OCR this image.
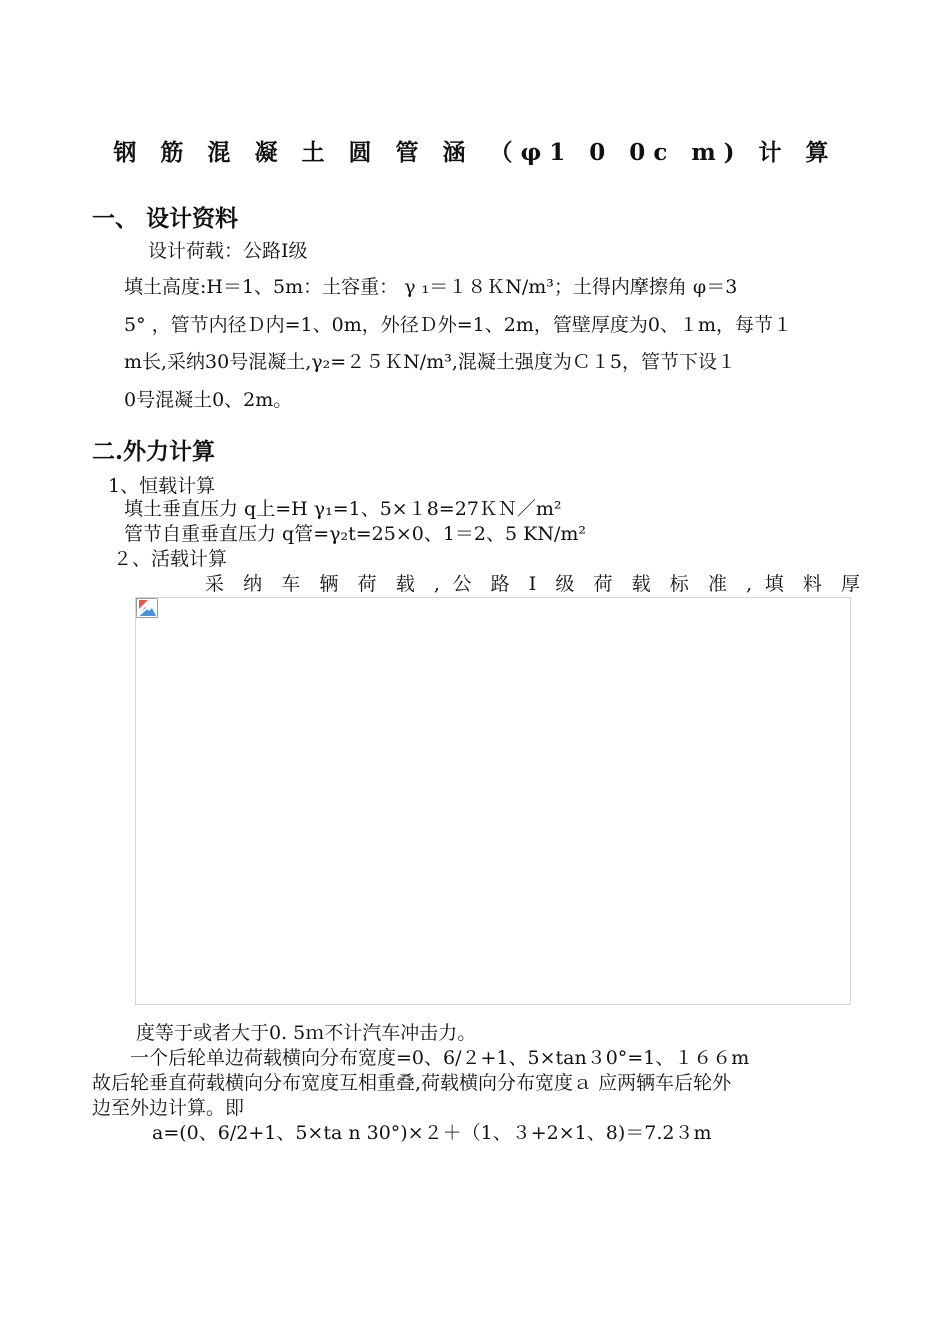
钢 筋 混 凝 土 圆 管 涵 （φ1 0 0c m) 计 算
一、 设计资料
设计荷载：公路Ⅰ级
填土高度:H＝1、5m：土容重： γ ₁＝１８ＫN/m³；土得内摩擦角 φ＝3
5° ，管节内径Ｄ内=1、0m，外径Ｄ外=1、2m，管壁厚度为0、１m，每节１
m长,采纳30号混凝土,γ₂=２５ＫN/m³,混凝土强度为Ｃ１5，管节下设１
0号混凝土0、2m。
二.外力计算
1、恒载计算
填土垂直压力 q上=H γ₁=1、5×１8=27ＫＮ／m²
管节自重垂直压力 q管=γ₂t=25×0、1＝2、5 KN/m²
２、活载计算
采 纳 车 辆 荷 载 , 公 路 Ⅰ 级 荷 载 标 准 , 填 料 厚
度等于或者大于0. 5ｍ不计汽车冲击力。
一个后轮单边荷载横向分布宽度=0、6/２+1、5×tan３0°=1、１６６m
故后轮垂直荷载横向分布宽度互相重叠,荷载横向分布宽度ａ 应两辆车后轮外
边至外边计算。即
a=(0、6/2+1、5×ta n 30°)×２＋（1、３+2×1、8)＝7.2３m
